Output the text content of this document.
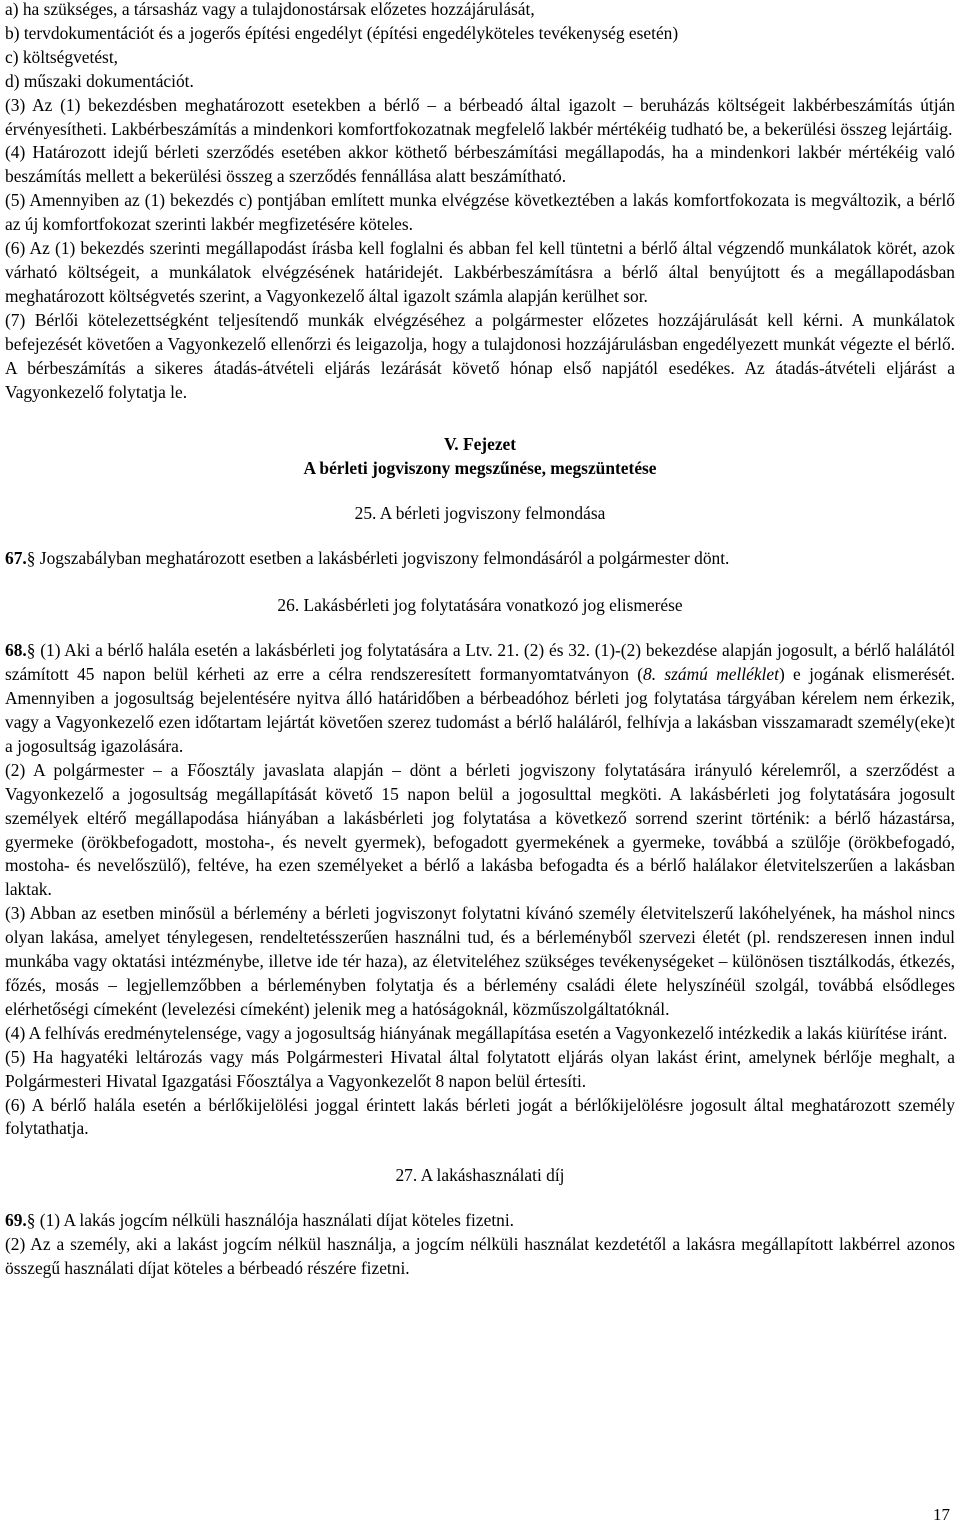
a) ha szükséges, a társasház vagy a tulajdonostársak előzetes hozzájárulását,

b) tervdokumentációt és a jogerős építési engedélyt (építési engedélyköteles tevékenység esetén)

c) költségvetést,

d) műszaki dokumentációt.

(3) Az (1) bekezdésben meghatározott esetekben a bérlő – a bérbeadó által igazolt – beruházás költségeit lakbérbeszámítás útján érvényesítheti. Lakbérbeszámítás a mindenkori komfortfokozatnak megfelelő lakbér mértékéig tudható be, a bekerülési összeg lejártáig.

(4) Határozott idejű bérleti szerződés esetében akkor köthető bérbeszámítási megállapodás, ha a mindenkori lakbér mértékéig való beszámítás mellett a bekerülési összeg a szerződés fennállása alatt beszámítható.

(5) Amennyiben az (1) bekezdés c) pontjában említett munka elvégzése következtében a lakás komfortfokozata is megváltozik, a bérlő az új komfortfokozat szerinti lakbér megfizetésére köteles.

(6) Az (1) bekezdés szerinti megállapodást írásba kell foglalni és abban fel kell tüntetni a bérlő által végzendő munkálatok körét, azok várható költségeit, a munkálatok elvégzésének határidejét. Lakbérbeszámításra a bérlő által benyújtott és a megállapodásban meghatározott költségvetés szerint, a Vagyonkezelő által igazolt számla alapján kerülhet sor.

(7) Bérlői kötelezettségként teljesítendő munkák elvégzéséhez a polgármester előzetes hozzájárulását kell kérni. A munkálatok befejezését követően a Vagyonkezelő ellenőrzi és leigazolja, hogy a tulajdonosi hozzájárulásban engedélyezett munkát végezte el bérlő. A bérbeszámítás a sikeres átadás-átvételi eljárás lezárását követő hónap első napjától esedékes. Az átadás-átvételi eljárást a Vagyonkezelő folytatja le.

V. Fejezet

A bérleti jogviszony megszűnése, megszüntetése

25. A bérleti jogviszony felmondása

67.§ Jogszabályban meghatározott esetben a lakásbérleti jogviszony felmondásáról a polgármester dönt.

26. Lakásbérleti jog folytatására vonatkozó jog elismerése

68.§ (1) Aki a bérlő halála esetén a lakásbérleti jog folytatására a Ltv. 21. (2) és 32. (1)-(2) bekezdése alapján jogosult, a bérlő halálától számított 45 napon belül kérheti az erre a célra rendszeresített formanyomtatványon (8. számú melléklet) e jogának elismerését. Amennyiben a jogosultság bejelentésére nyitva álló határidőben a bérbeadóhoz bérleti jog folytatása tárgyában kérelem nem érkezik, vagy a Vagyonkezelő ezen időtartam lejártát követően szerez tudomást a bérlő haláláról, felhívja a lakásban visszamaradt személy(eke)t a jogosultság igazolására.

(2) A polgármester – a Főosztály javaslata alapján – dönt a bérleti jogviszony folytatására irányuló kérelemről, a szerződést a Vagyonkezelő a jogosultság megállapítását követő 15 napon belül a jogosulttal megköti. A lakásbérleti jog folytatására jogosult személyek eltérő megállapodása hiányában a lakásbérleti jog folytatása a következő sorrend szerint történik: a bérlő házastársa, gyermeke (örökbefogadott, mostoha-, és nevelt gyermek), befogadott gyermekének a gyermeke, továbbá a szülője (örökbefogadó, mostoha- és nevelőszülő), feltéve, ha ezen személyeket a bérlő a lakásba befogadta és a bérlő halálakor életvitelszerűen a lakásban laktak.

(3) Abban az esetben minősül a bérlemény a bérleti jogviszonyt folytatni kívánó személy életvitelszerű lakóhelyének, ha máshol nincs olyan lakása, amelyet ténylegesen, rendeltetésszerűen használni tud, és a bérleményből szervezi életét (pl. rendszeresen innen indul munkába vagy oktatási intézménybe, illetve ide tér haza), az életviteléhez szükséges tevékenységeket – különösen tisztálkodás, étkezés, főzés, mosás – legjellemzőbben a bérleményben folytatja és a bérlemény családi élete helyszínéül szolgál, továbbá elsődleges elérhetőségi címeként (levelezési címeként) jelenik meg a hatóságoknál, közműszolgáltatóknál.

(4) A felhívás eredménytelensége, vagy a jogosultság hiányának megállapítása esetén a Vagyonkezelő intézkedik a lakás kiürítése iránt.

(5) Ha hagyatéki leltározás vagy más Polgármesteri Hivatal által folytatott eljárás olyan lakást érint, amelynek bérlője meghalt, a Polgármesteri Hivatal Igazgatási Főosztálya a Vagyonkezelőt 8 napon belül értesíti.

(6) A bérlő halála esetén a bérlőkijelölési joggal érintett lakás bérleti jogát a bérlőkijelölésre jogosult által meghatározott személy folytathatja.

27. A lakáshasználati díj

69.§ (1) A lakás jogcím nélküli használója használati díjat köteles fizetni.

(2) Az a személy, aki a lakást jogcím nélkül használja, a jogcím nélküli használat kezdetétől a lakásra megállapított lakbérrel azonos összegű használati díjat köteles a bérbeadó részére fizetni.

17
